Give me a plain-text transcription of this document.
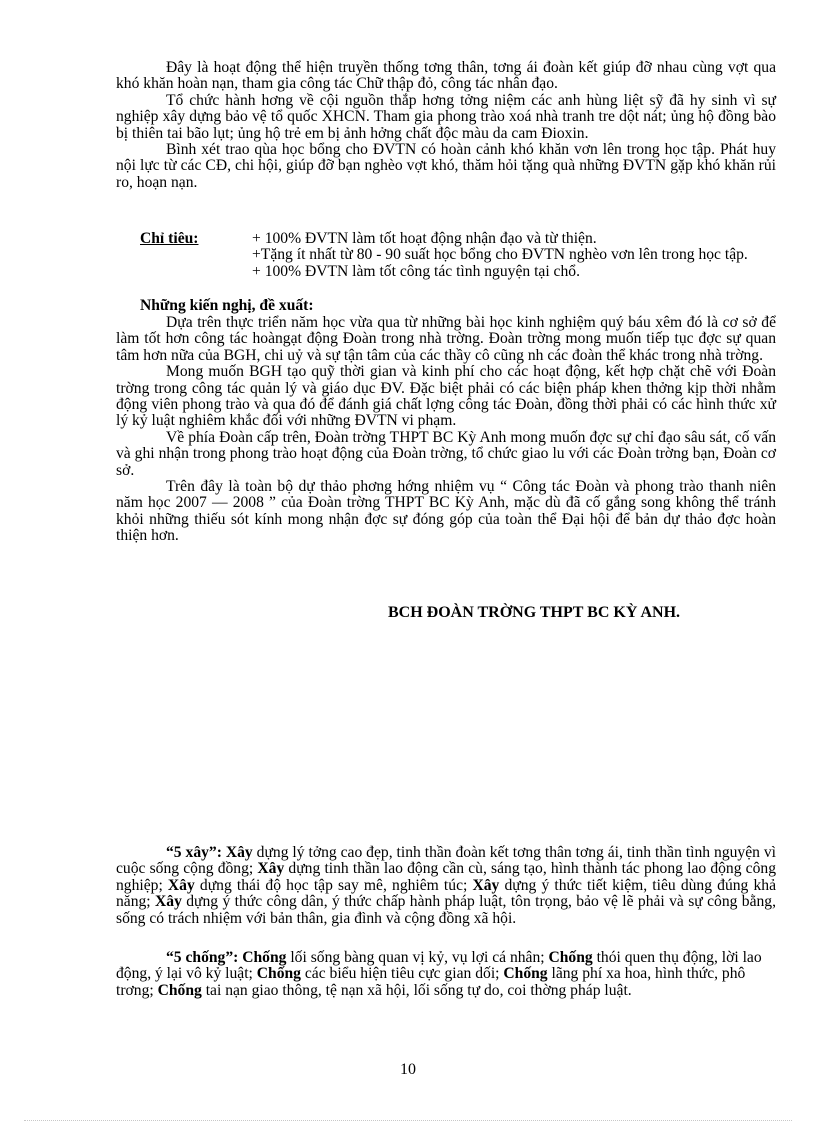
Đây là hoạt động thể hiện truyền thống tơng thân, tơng ái đoàn kết giúp đỡ nhau cùng vợt qua khó khăn hoàn nạn, tham gia công tác Chữ thập đỏ, công tác nhân đạo.

Tổ chức hành hơng về cội nguồn thắp hơng tởng niệm các anh hùng liệt sỹ đã hy sinh vì sự nghiệp xây dựng bảo vệ tổ quốc XHCN. Tham gia phong trào xoá nhà tranh tre dột nát; ủng hộ đồng bào bị thiên tai bão lụt; ủng hộ trẻ em bị ảnh hởng chất độc màu da cam Đioxin.

Bình xét trao qùa học bổng cho ĐVTN có hoàn cảnh khó khăn vơn lên trong học tập. Phát huy nội lực từ các CĐ, chi hội, giúp đỡ bạn nghèo vợt khó, thăm hỏi tặng quà những ĐVTN gặp khó khăn rủi ro, hoạn nạn.

Chỉ tiêu:	+ 100% ĐVTN làm tốt hoạt động nhận đạo và từ thiện.
+Tặng ít nhất từ 80 - 90 suất học bổng cho ĐVTN nghèo vơn lên trong học tập.
+ 100% ĐVTN làm tốt công tác tình nguyện tại chổ.
Những kiến nghị, đề xuất:

Dựa trên thực triển năm học vừa qua từ những bài học kinh nghiệm quý báu xêm đó là cơ sở để làm tốt hơn công tác hoàngạt động Đoàn trong nhà trờng. Đoàn trờng mong muốn tiếp tục đợc sự quan tâm hơn nữa của BGH, chi uỷ và sự tận tâm của các thầy cô cũng nh các đoàn thể khác trong nhà trờng.

Mong muốn BGH tạo quỹ thời gian và kinh phí cho các hoạt động, kết hợp chặt chẽ với Đoàn trờng trong công tác quản lý và giáo dục ĐV. Đặc biệt phải có các biện pháp khen thởng kịp thời nhằm động viên phong trào và qua đó để đánh giá chất lợng công tác Đoàn, đồng thời phải có các hình thức xử lý kỷ luật nghiêm khắc đối với những ĐVTN vi phạm.

Về phía Đoàn cấp trên, Đoàn trờng THPT BC Kỳ Anh mong muốn đợc sự chỉ đạo sâu sát, cố vấn và ghi nhận trong phong trào hoạt động của Đoàn trờng, tổ chức giao lu với các Đoàn trờng bạn, Đoàn cơ sở.

Trên đây là toàn bộ dự thảo phơng hớng nhiệm vụ “ Công tác Đoàn và phong trào thanh niên năm học 2007 — 2008 ” của Đoàn trờng THPT BC Kỳ Anh, mặc dù đã cố gắng song không thể tránh khỏi những thiếu sót kính mong nhận đợc sự đóng góp của toàn thể Đại hội để bản dự thảo đợc hoàn thiện hơn.

BCH ĐOÀN TRỜNG THPT BC KỲ ANH.

“5 xây”: Xây dựng lý tởng cao đẹp, tinh thần đoàn kết tơng thân tơng ái, tinh thần tình nguyện vì cuộc sống cộng đồng; Xây dựng tinh thần lao động cần cù, sáng tạo, hình thành tác phong lao động công nghiệp; Xây dựng thái độ học tập say mê, nghiêm túc; Xây dựng ý thức tiết kiệm, tiêu dùng đúng khả năng; Xây dựng ý thức công dân, ý thức chấp hành pháp luật, tôn trọng, bảo vệ lẽ phải và sự công bằng, sống có trách nhiệm với bản thân, gia đình và cộng đồng xã hội.

“5 chống”: Chống lối sống bàng quan vị kỷ, vụ lợi cá nhân; Chống thói quen thụ động, lời lao động, ý lại vô kỷ luật; Chống các biểu hiện tiêu cực gian dối; Chống lãng phí xa hoa, hình thức, phô trơng; Chống tai nạn giao thông, tệ nạn xã hội, lối sống tự do, coi thờng pháp luật.

10
